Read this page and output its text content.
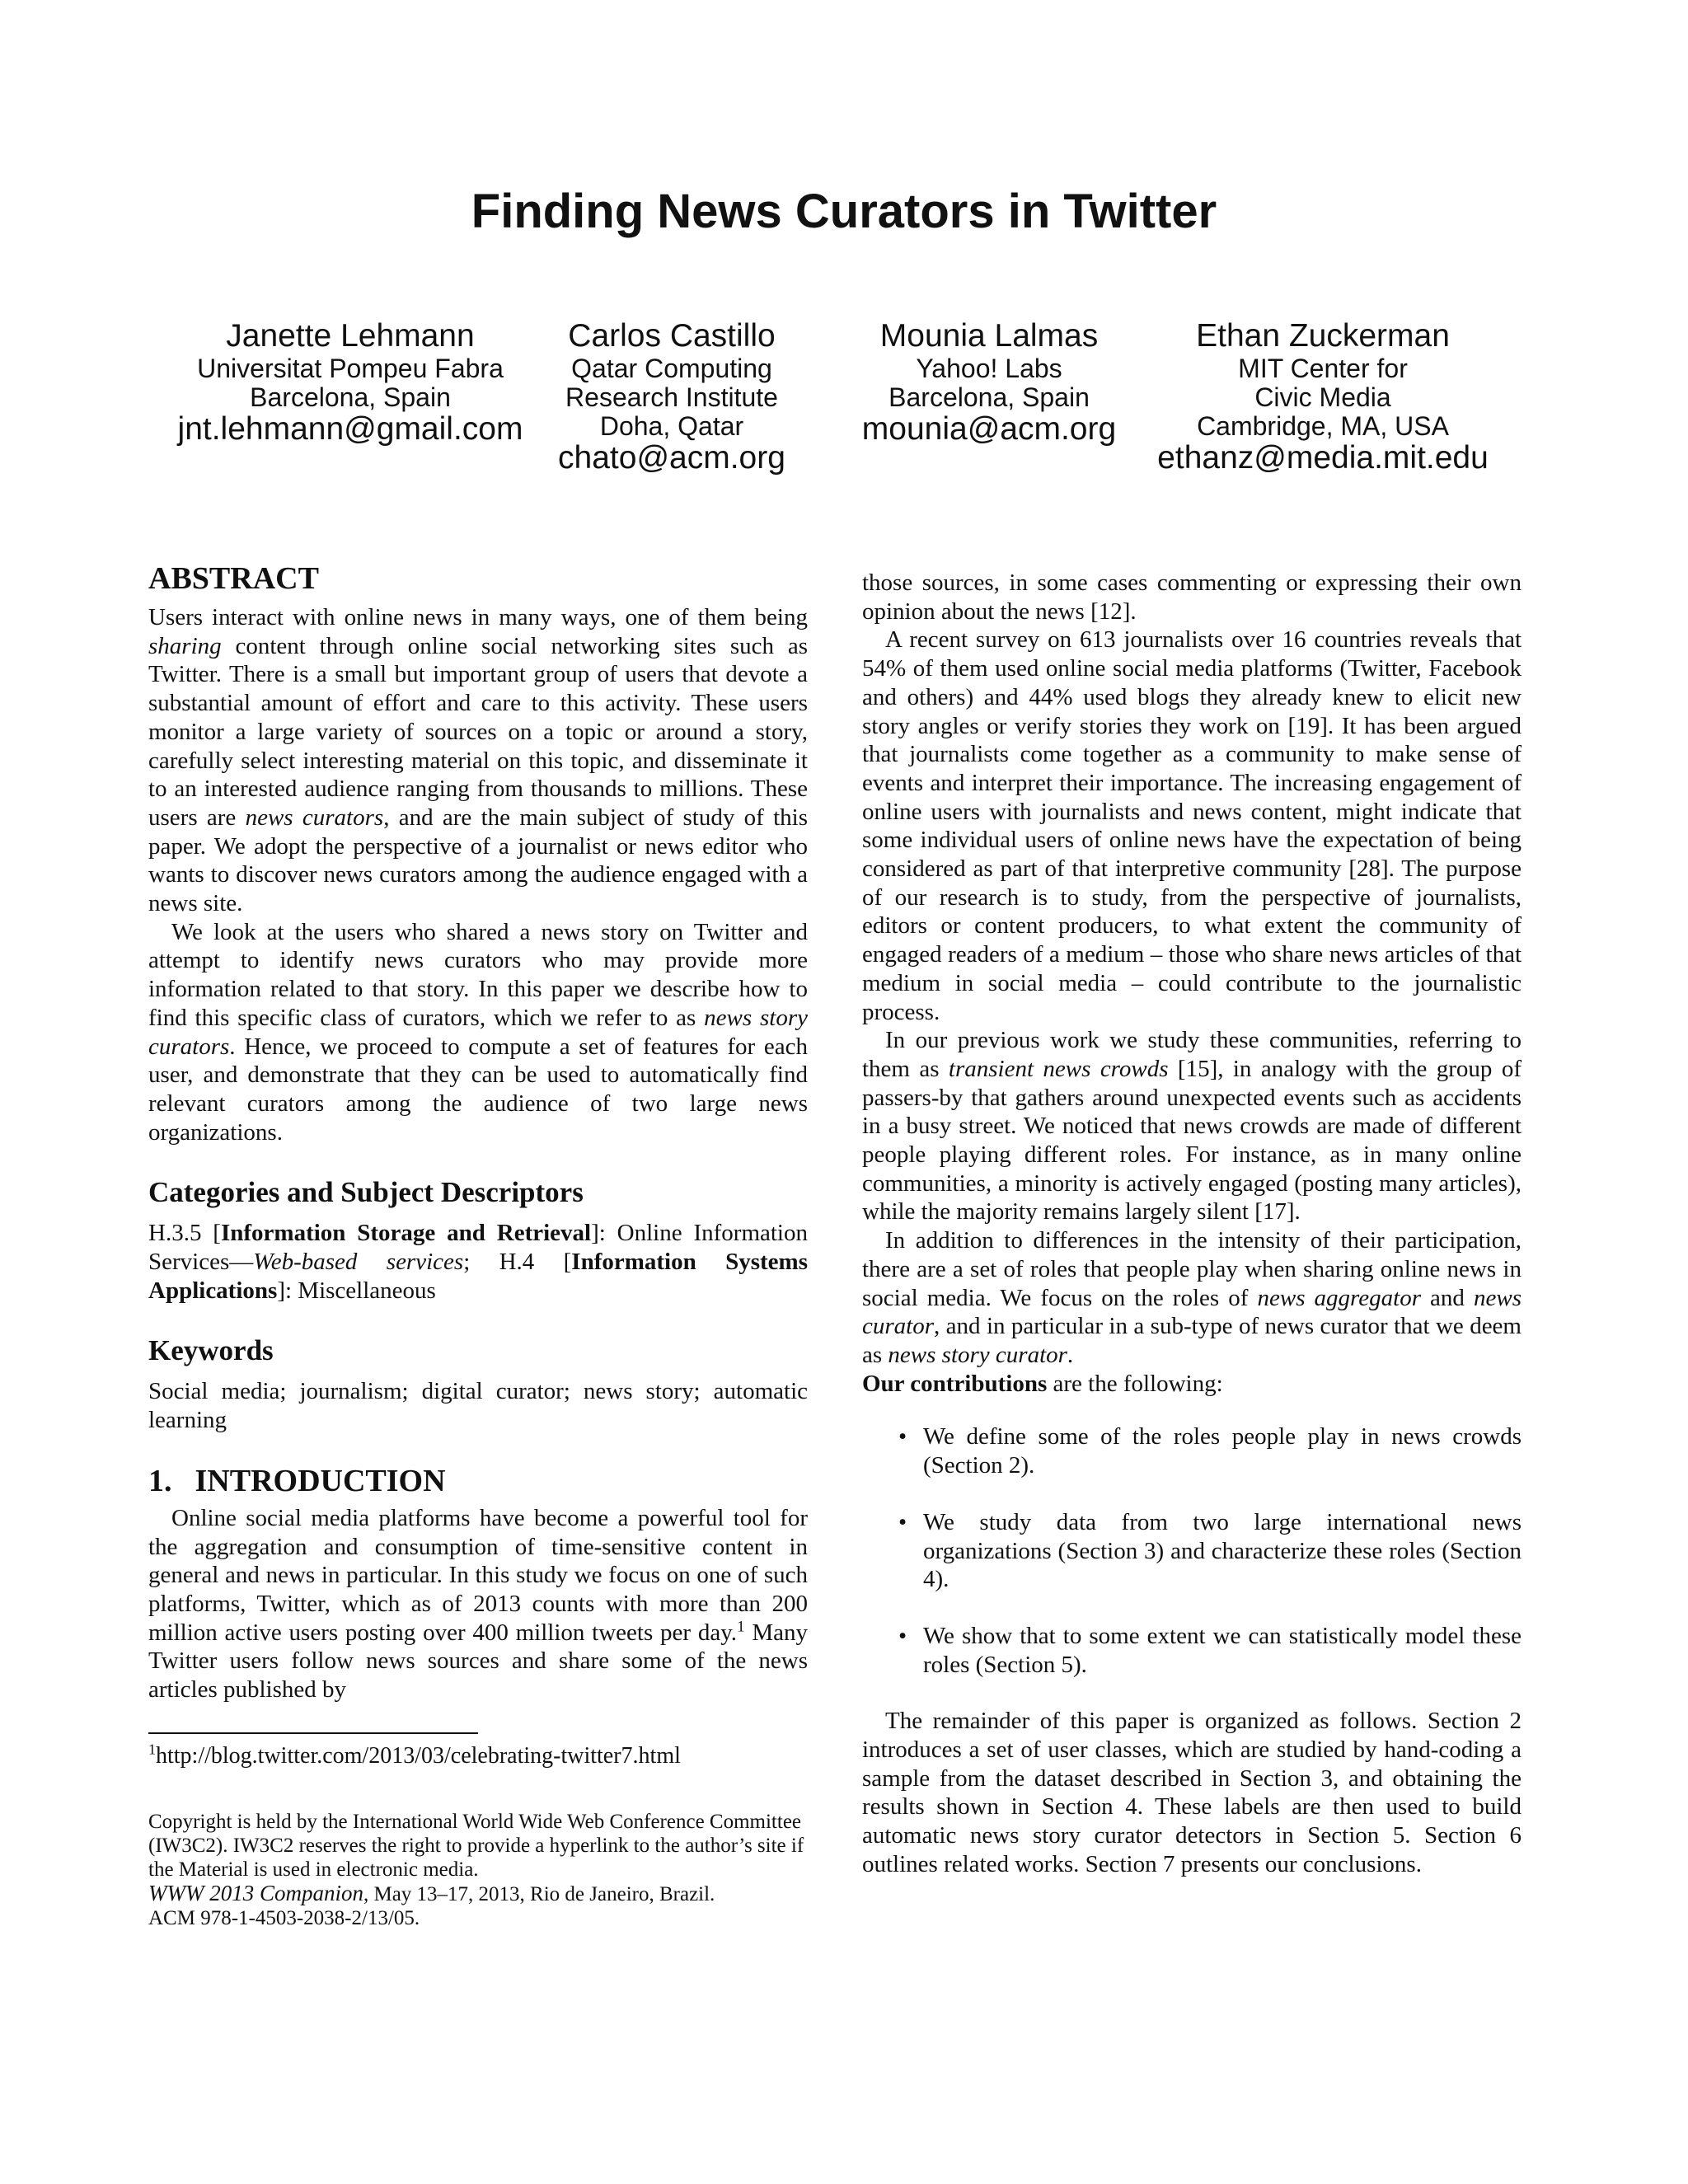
Finding News Curators in Twitter
Janette Lehmann
Universitat Pompeu Fabra
Barcelona, Spain
jnt.lehmann@gmail.com
Carlos Castillo
Qatar Computing
Research Institute
Doha, Qatar
chato@acm.org
Mounia Lalmas
Yahoo! Labs
Barcelona, Spain
mounia@acm.org
Ethan Zuckerman
MIT Center for
Civic Media
Cambridge, MA, USA
ethanz@media.mit.edu
ABSTRACT

Users interact with online news in many ways, one of them being sharing content through online social networking sites such as Twitter. There is a small but important group of users that devote a substantial amount of effort and care to this activity. These users monitor a large variety of sources on a topic or around a story, carefully select interesting material on this topic, and disseminate it to an interested audience ranging from thousands to millions. These users are news curators, and are the main subject of study of this paper. We adopt the perspective of a journalist or news editor who wants to discover news curators among the audience engaged with a news site.

We look at the users who shared a news story on Twitter and attempt to identify news curators who may provide more information related to that story. In this paper we describe how to find this specific class of curators, which we refer to as news story curators. Hence, we proceed to compute a set of features for each user, and demonstrate that they can be used to automatically find relevant curators among the audience of two large news organizations.

Categories and Subject Descriptors

H.3.5 [Information Storage and Retrieval]: Online Information Services—Web-based services; H.4 [Information Systems Applications]: Miscellaneous

Keywords

Social media; journalism; digital curator; news story; automatic learning

1. INTRODUCTION

Online social media platforms have become a powerful tool for the aggregation and consumption of time-sensitive content in general and news in particular. In this study we focus on one of such platforms, Twitter, which as of 2013 counts with more than 200 million active users posting over 400 million tweets per day.$^1$ Many Twitter users follow news sources and share some of the news articles published by

$^1$http://blog.twitter.com/2013/03/celebrating-twitter7.html
Copyright is held by the International World Wide Web Conference Committee (IW3C2). IW3C2 reserves the right to provide a hyperlink to the author’s site if the Material is used in electronic media.
WWW 2013 Companion, May 13–17, 2013, Rio de Janeiro, Brazil.
ACM 978-1-4503-2038-2/13/05.

those sources, in some cases commenting or expressing their own opinion about the news [12].

A recent survey on 613 journalists over 16 countries reveals that 54% of them used online social media platforms (Twitter, Facebook and others) and 44% used blogs they already knew to elicit new story angles or verify stories they work on [19]. It has been argued that journalists come together as a community to make sense of events and interpret their importance. The increasing engagement of online users with journalists and news content, might indicate that some individual users of online news have the expectation of being considered as part of that interpretive community [28]. The purpose of our research is to study, from the perspective of journalists, editors or content producers, to what extent the community of engaged readers of a medium – those who share news articles of that medium in social media – could contribute to the journalistic process.

In our previous work we study these communities, referring to them as transient news crowds [15], in analogy with the group of passers-by that gathers around unexpected events such as accidents in a busy street. We noticed that news crowds are made of different people playing different roles. For instance, as in many online communities, a minority is actively engaged (posting many articles), while the majority remains largely silent [17].

In addition to differences in the intensity of their participation, there are a set of roles that people play when sharing online news in social media. We focus on the roles of news aggregator and news curator, and in particular in a sub-type of news curator that we deem as news story curator.

Our contributions are the following:

• We define some of the roles people play in news crowds (Section 2).
• We study data from two large international news organizations (Section 3) and characterize these roles (Section 4).
• We show that to some extent we can statistically model these roles (Section 5).

The remainder of this paper is organized as follows. Section 2 introduces a set of user classes, which are studied by hand-coding a sample from the dataset described in Section 3, and obtaining the results shown in Section 4. These labels are then used to build automatic news story curator detectors in Section 5. Section 6 outlines related works. Section 7 presents our conclusions.
